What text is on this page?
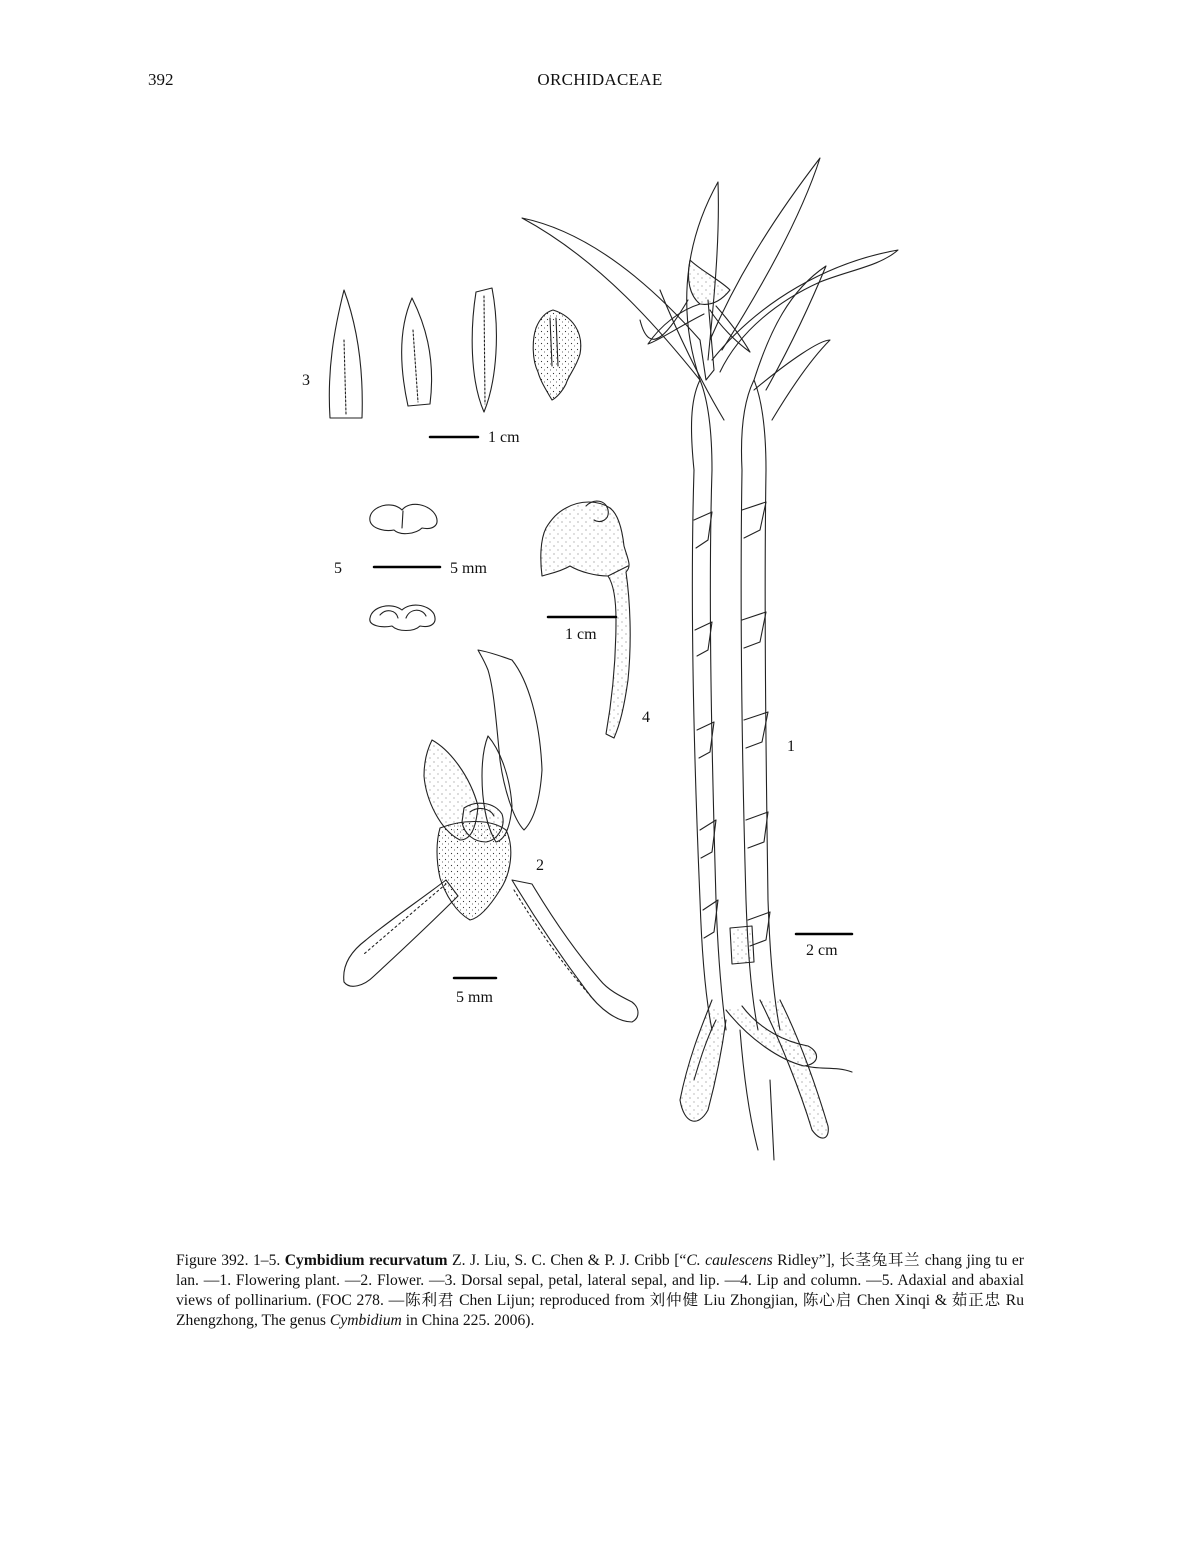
392	ORCHIDACEAE
3
1 cm
5	5 mm
1 cm
4
1
2
2 cm
5 mm
Figure 392. 1–5. Cymbidium recurvatum Z. J. Liu, S. C. Chen & P. J. Cribb [“C. caulescens Ridley”], 长茎兔耳兰 chang jing tu er lan. —1. Flowering plant. —2. Flower. —3. Dorsal sepal, petal, lateral sepal, and lip. —4. Lip and column. —5. Adaxial and abaxial views of pollinarium. (FOC 278. —陈利君 Chen Lijun; reproduced from 刘仲健 Liu Zhongjian, 陈心启 Chen Xinqi & 茹正忠 Ru Zhengzhong, The genus Cymbidium in China 225. 2006).
